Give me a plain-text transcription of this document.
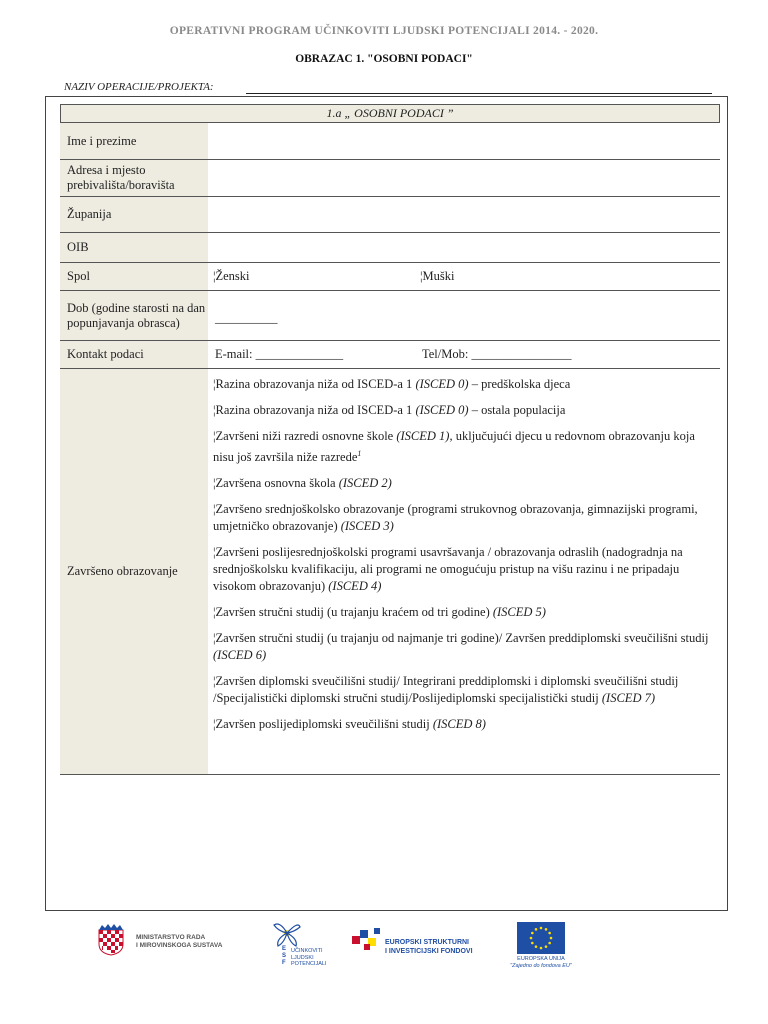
OPERATIVNI PROGRAM UČINKOVITI LJUDSKI POTENCIJALI 2014. - 2020.
OBRAZAC 1. "OSOBNI PODACI"
NAZIV OPERACIJE/PROJEKTA:
1.a „ OSOBNI PODACI ”
Ime i prezime
Adresa i mjesto prebivališta/boravišta
Županija
OIB
Spol	¦Ženski	¦Muški
Dob (godine starosti na dan popunjavanja obrasca)	__________
Kontakt podaci	E-mail: ______________	Tel/Mob: ________________
Završeno obrazovanje
¦Razina obrazovanja niža od ISCED-a 1 (ISCED 0) – predškolska djeca
¦Razina obrazovanja niža od ISCED-a 1 (ISCED 0) – ostala populacija
¦Završeni niži razredi osnovne škole (ISCED 1), uključujući djecu u redovnom obrazovanju koja nisu još završila niže razrede$^1$
¦Završena osnovna škola (ISCED 2)
¦Završeno srednjoškolsko obrazovanje (programi strukovnog obrazovanja, gimnazijski programi, umjetničko obrazovanje) (ISCED 3)
¦Završeni poslijesrednjoškolski programi usavršavanja / obrazovanja odraslih (nadogradnja na srednjoškolsku kvalifikaciju, ali programi ne omogućuju pristup na višu razinu i ne pripadaju visokom obrazovanju) (ISCED 4)
¦Završen stručni studij (u trajanju kraćem od tri godine) (ISCED 5)
¦Završen stručni studij (u trajanju od najmanje tri godine)/ Završen preddiplomski sveučilišni studij (ISCED 6)
¦Završen diplomski sveučilišni studij/ Integrirani preddiplomski i diplomski sveučilišni studij /Specijalistički diplomski stručni studij/Poslijediplomski specijalistički studij (ISCED 7)
¦Završen poslijediplomski sveučilišni studij (ISCED 8)
MINISTARSTVO RADA
I MIROVINSKOGA SUSTAVA	E
S
F
UČINKOVITI
LJUDSKI
POTENCIJALI
EUROPSKI STRUKTURNI
I INVESTICIJSKI FONDOVI
EUROPSKA UNIJA
"Zajedno do fondova EU"
